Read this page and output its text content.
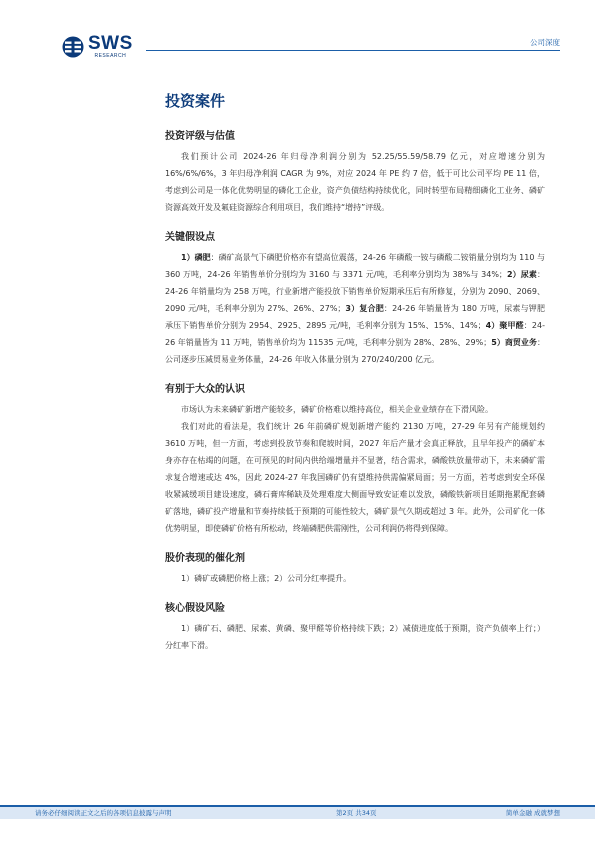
SWS
RESEARCH
公司深度
投资案件
投资评级与估值

我们预计公司 2024-26 年归母净利润分别为 52.25/55.59/58.79 亿元，对应增速分别为 16%/6%/6%，3 年归母净利润 CAGR 为 9%，对应 2024 年 PE 约 7 倍，低于可比公司平均 PE 11 倍，考虑到公司是一体化优势明显的磷化工企业，资产负债结构持续优化，同时转型布局精细磷化工业务、磷矿资源高效开发及氟硅资源综合利用项目，我们维持“增持”评级。

关键假设点

1）磷肥：磷矿高景气下磷肥价格亦有望高位震荡，24-26 年磷酸一铵与磷酸二铵销量分别均为 110 与 360 万吨，24-26 年销售单价分别均为 3160 与 3371 元/吨，毛利率分别均为 38%与 34%；2）尿素：24-26 年销量均为 258 万吨，行业新增产能投放下销售单价短期承压后有所修复，分别为 2090、2069、2090 元/吨，毛利率分别为 27%、26%、27%；3）复合肥：24-26 年销量皆为 180 万吨，尿素与钾肥承压下销售单价分别为 2954、2925、2895 元/吨，毛利率分别为 15%、15%、14%；4）聚甲醛：24-26 年销量皆为 11 万吨，销售单价均为 11535 元/吨，毛利率分别为 28%、28%、29%；5）商贸业务：公司逐步压减贸易业务体量，24-26 年收入体量分别为 270/240/200 亿元。

有别于大众的认识

市场认为未来磷矿新增产能较多，磷矿价格难以维持高位，相关企业业绩存在下滑风险。

我们对此的看法是，我们统计 26 年前磷矿规划新增产能约 2130 万吨，27-29 年另有产能规划约 3610 万吨，但一方面，考虑到投放节奏和爬坡时间，2027 年后产量才会真正释放，且早年投产的磷矿本身亦存在枯竭的问题，在可预见的时间内供给端增量并不显著，结合需求，磷酸铁放量带动下，未来磷矿需求复合增速或达 4%，因此 2024-27 年我国磷矿仍有望维持供需偏紧局面；另一方面，若考虑到安全环保收紧减缓项目建设速度，磷石膏库稀缺及处理难度大侧面导致安证难以发放，磷酸铁新项目延期拖累配套磷矿落地，磷矿投产增量和节奏持续低于预期的可能性较大，磷矿景气久期或超过 3 年。此外，公司矿化一体优势明显，即使磷矿价格有所松动，终端磷肥供需刚性，公司利润仍将得到保障。

股价表现的催化剂

1）磷矿或磷肥价格上涨；2）公司分红率提升。

核心假设风险

1）磷矿石、磷肥、尿素、黄磷、聚甲醛等价格持续下跌；2）减债进度低于预期，资产负债率上行；）分红率下滑。

请务必仔细阅读正文之后的各项信息披露与声明	第2页 共34页	简单金融 成就梦想
